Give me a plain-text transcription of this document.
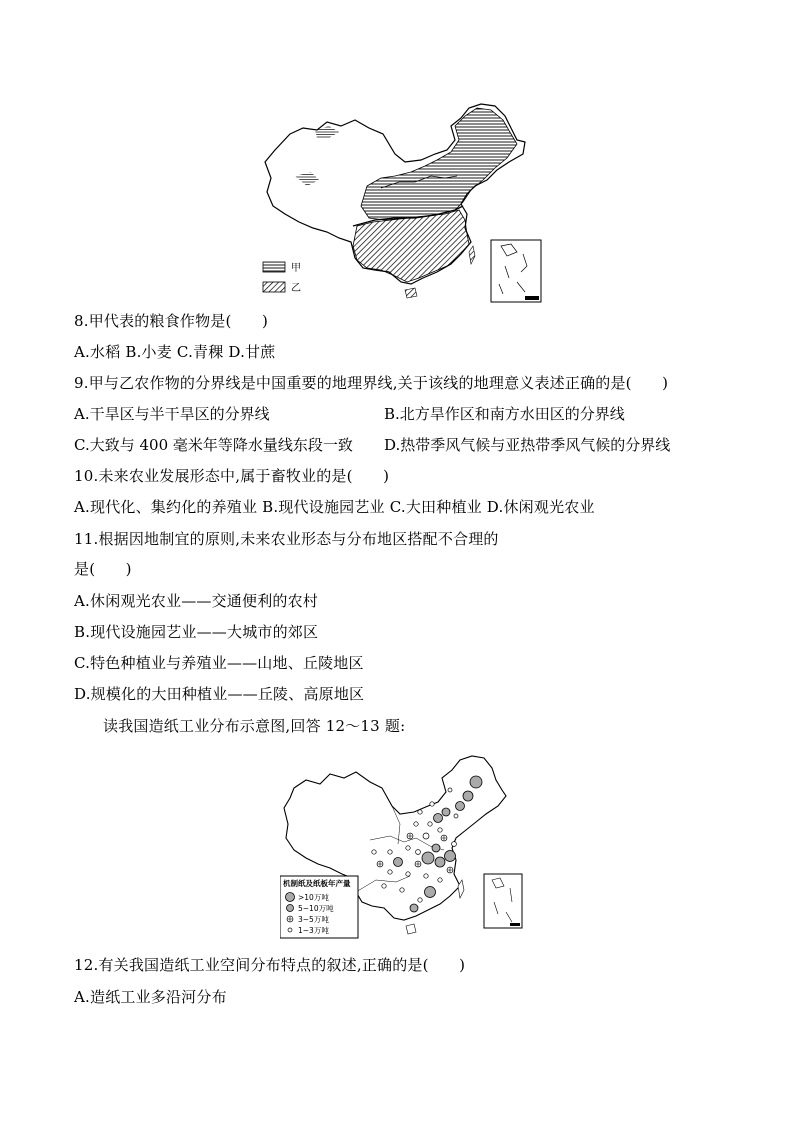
甲
乙
8.甲代表的粮食作物是(　　)
A.水稻 B.小麦 C.青稞 D.甘蔗
9.甲与乙农作物的分界线是中国重要的地理界线,关于该线的地理意义表述正确的是(　　)
A.干旱区与半干旱区的分界线	B.北方旱作区和南方水田区的分界线
C.大致与 400 毫米年等降水量线东段一致 D.热带季风气候与亚热带季风气候的分界线
10.未来农业发展形态中,属于畜牧业的是(　　)
A.现代化、集约化的养殖业 B.现代设施园艺业 C.大田种植业 D.休闲观光农业
11.根据因地制宜的原则,未来农业形态与分布地区搭配不合理的
是(　　)
A.休闲观光农业——交通便利的农村
B.现代设施园艺业——大城市的郊区
C.特色种植业与养殖业——山地、丘陵地区
D.规模化的大田种植业——丘陵、高原地区
读我国造纸工业分布示意图,回答 12～13 题:
机制纸及纸板年产量
>10万吨
5~10万吨
3~5万吨
1~3万吨
12.有关我国造纸工业空间分布特点的叙述,正确的是(　　)
A.造纸工业多沿河分布
